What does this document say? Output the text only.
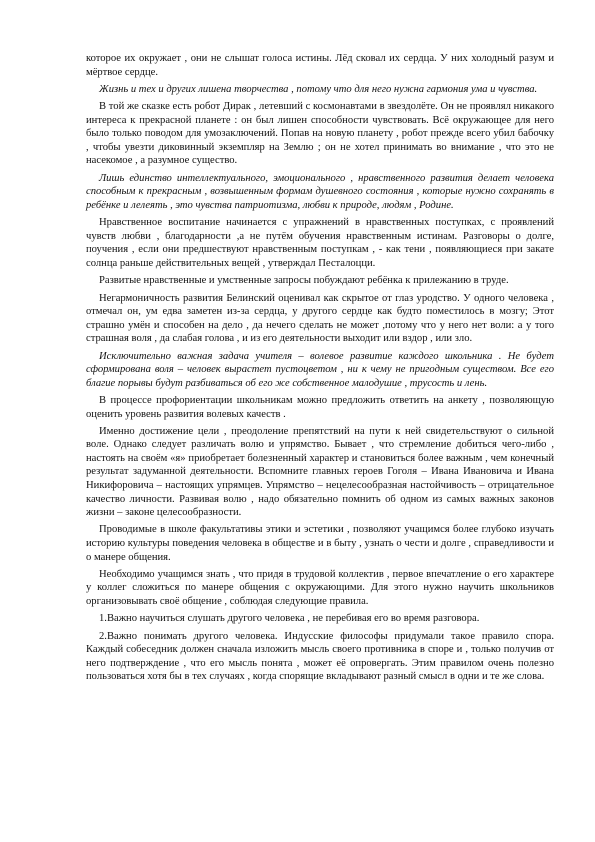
которое их окружает , они не слышат голоса истины. Лёд сковал их сердца. У них холодный разум и мёртвое сердце.

Жизнь и тех и других лишена творчества , потому что для него нужна гармония ума и чувства.

В той же сказке есть робот Дирак , летевший с космонавтами в звездолёте. Он не проявлял никакого интереса к прекрасной планете : он был лишен способности чувствовать. Всё окружающее для него было только поводом для умозаключений. Попав на новую планету , робот прежде всего убил бабочку , чтобы увезти диковинный экземпляр на Землю ; он не хотел принимать во внимание , что это не насекомое , а разумное существо.

Лишь единство интеллектуального, эмоционального , нравственного развития делает человека способным к прекрасным , возвышенным формам душевного состояния , которые нужно сохранять в ребёнке и лелеять , это чувства патриотизма, любви к природе, людям , Родине.

Нравственное воспитание начинается с упражнений в нравственных поступках, с проявлений чувств любви , благодарности ,а не путём обучения нравственным истинам. Разговоры о долге, поучения , если они предшествуют нравственным поступкам , - как тени , появляющиеся при закате солнца раньше действительных вещей , утверждал Песталоцци.

Развитые нравственные и умственные запросы побуждают ребёнка к прилежанию в труде.

Негармоничность развития Белинский оценивал как скрытое от глаз уродство. У одного человека , отмечал он, ум едва заметен из-за сердца, у другого сердце как будто поместилось в мозгу; Этот страшно умён и способен на дело , да нечего сделать не может ,потому что у него нет воли: а у того страшная воля , да слабая голова , и из его деятельности выходит или вздор , или зло.

Исключительно важная задача учителя – волевое развитие каждого школьника . Не будет сформирована воля – человек вырастет пустоцветом , ни к чему не пригодным существом. Все его благие порывы будут разбиваться об его же собственное малодушие , трусость и лень.

В процессе профориентации школьникам можно предложить ответить на анкету , позволяющую оценить уровень развития волевых качеств .

Именно достижение цели , преодоление препятствий на пути к ней свидетельствуют о сильной воле. Однако следует различать волю и упрямство. Бывает , что стремление добиться чего-либо , настоять на своём «я» приобретает болезненный характер и становиться более важным , чем конечный результат задуманной деятельности. Вспомните главных героев Гоголя – Ивана Ивановича и Ивана Никифоровича – настоящих упрямцев. Упрямство – нецелесообразная настойчивость – отрицательное качество личности. Развивая волю , надо обязательно помнить об одном из самых важных законов жизни – законе целесообразности.

Проводимые в школе факультативы этики и эстетики , позволяют учащимся более глубоко изучать историю культуры поведения человека в обществе и в быту , узнать о чести и долге , справедливости и о манере общения.

Необходимо учащимся знать , что придя в трудовой коллектив , первое впечатление о его характере у коллег сложиться по манере общения с окружающими. Для этого нужно научить школьников организовывать своё общение , соблюдая следующие правила.

1.Важно научиться слушать другого человека , не перебивая его во время разговора.

2.Важно понимать другого человека. Индусские философы придумали такое правило спора. Каждый собеседник должен сначала изложить мысль своего противника в споре и , только получив от него подтверждение , что его мысль понята , может её опровергать. Этим правилом очень полезно пользоваться хотя бы в тех случаях , когда спорящие вкладывают разный смысл в одни и те же слова.
